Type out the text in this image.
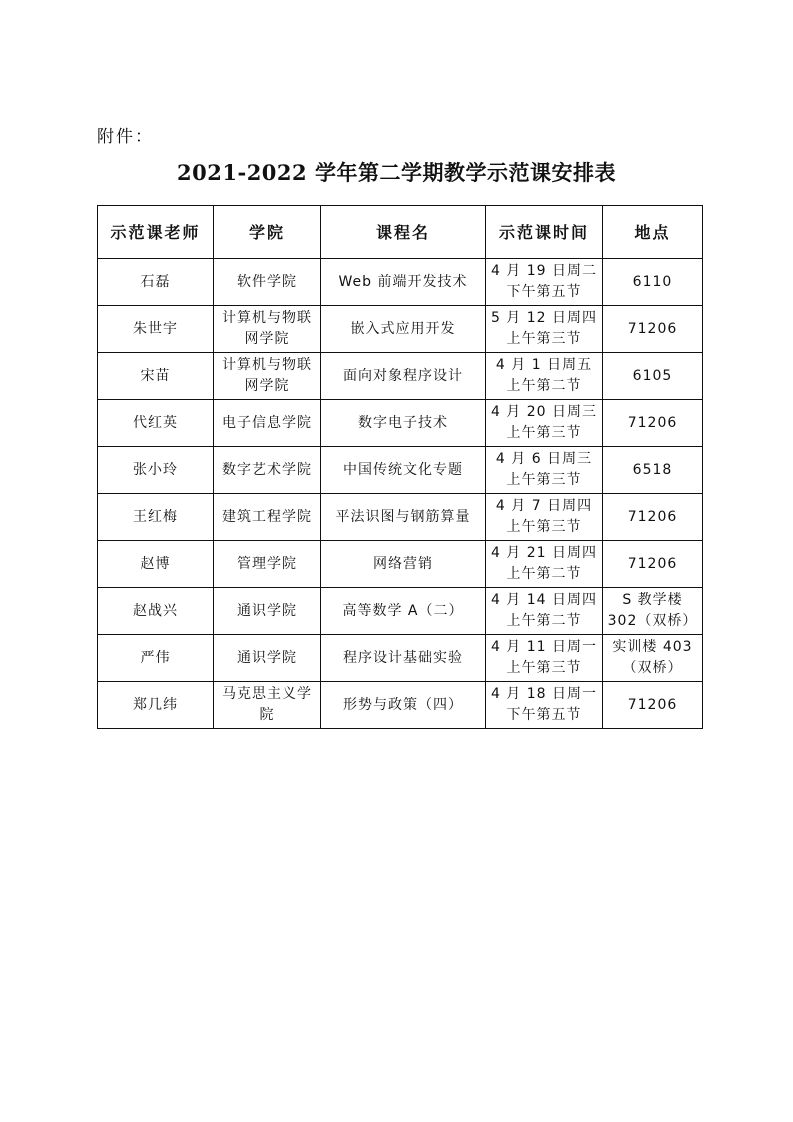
附件：
2021-2022 学年第二学期教学示范课安排表
示范课老师	学院	课程名	示范课时间	地点
石磊	软件学院	Web 前端开发技术	4 月 19 日周二下午第五节	6110
朱世宇	计算机与物联网学院	嵌入式应用开发	5 月 12 日周四上午第三节	71206
宋苗	计算机与物联网学院	面向对象程序设计	4 月 1 日周五上午第二节	6105
代红英	电子信息学院	数字电子技术	4 月 20 日周三上午第三节	71206
张小玲	数字艺术学院	中国传统文化专题	4 月 6 日周三上午第三节	6518
王红梅	建筑工程学院	平法识图与钢筋算量	4 月 7 日周四上午第三节	71206
赵博	管理学院	网络营销	4 月 21 日周四上午第二节	71206
赵战兴	通识学院	高等数学 A（二）	4 月 14 日周四上午第二节	S 教学楼 302（双桥）
严伟	通识学院	程序设计基础实验	4 月 11 日周一上午第三节	实训楼 403（双桥）
郑几纬	马克思主义学院	形势与政策（四）	4 月 18 日周一下午第五节	71206
